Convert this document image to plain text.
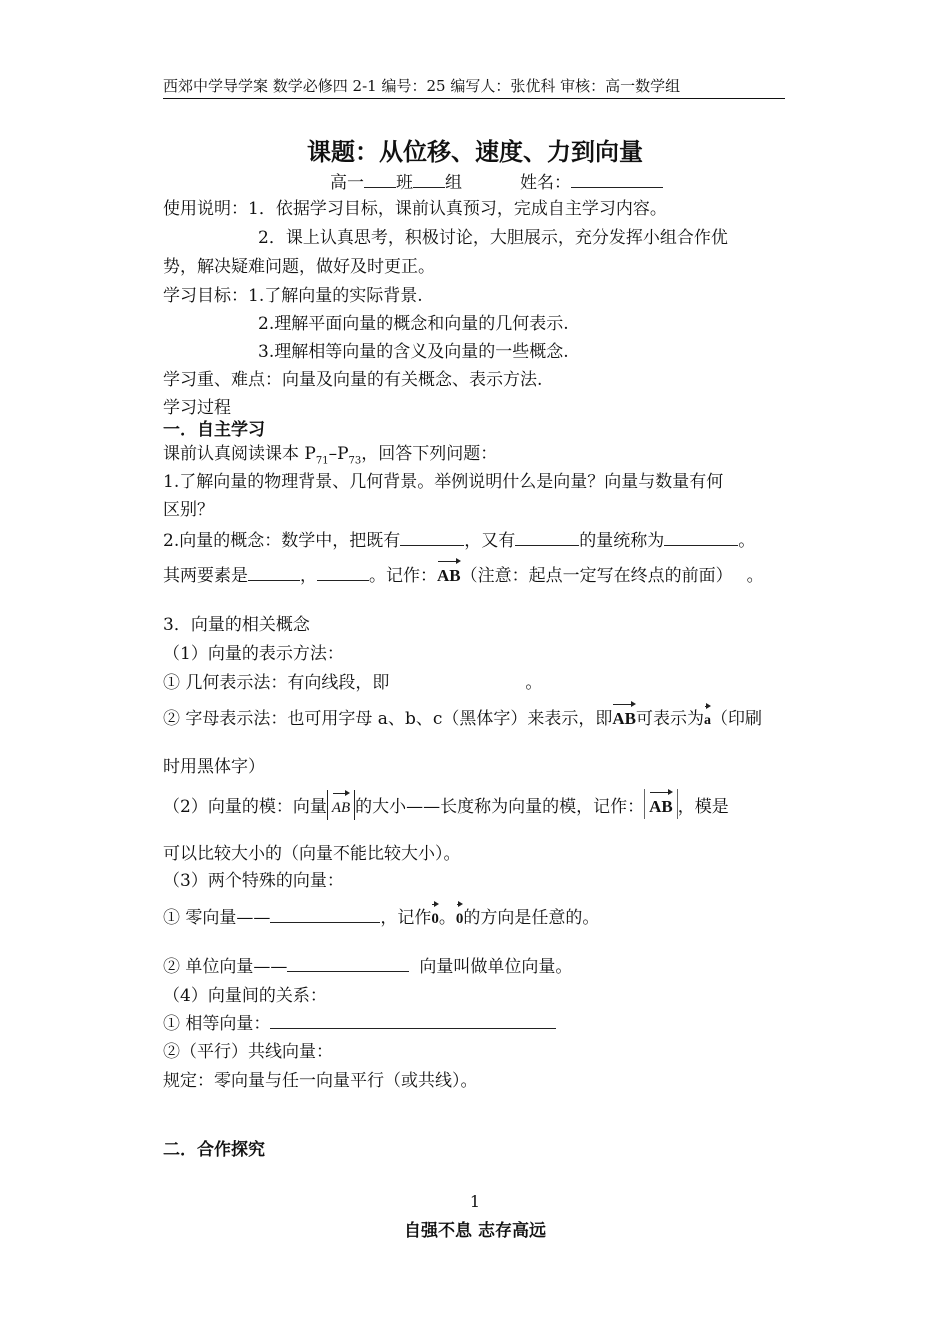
西郊中学导学案 数学必修四 2-1 编号：25 编写人：张优科 审核：高一数学组
课题：从位移、速度、力到向量
高一 班 组	姓名：
使用说明：1．依据学习目标，课前认真预习，完成自主学习内容。
2．课上认真思考，积极讨论，大胆展示，充分发挥小组合作优
势，解决疑难问题，做好及时更正。
学习目标：1.了解向量的实际背景.
2.理解平面向量的概念和向量的几何表示.
3.理解相等向量的含义及向量的一些概念.
学习重、难点：向量及向量的有关概念、表示方法.
学习过程
一．自主学习
课前认真阅读课本 $P_{71}-P_{73}$，回答下列问题：
1.了解向量的物理背景、几何背景。举例说明什么是向量？向量与数量有何
区别？
2.向量的概念：数学中，把既有	，又有	的量统称为	。
其两要素是	，	。记作：AB（注意：起点一定写在终点的前面） 。
3．向量的相关概念
（1）向量的表示方法：
① 几何表示法：有向线段，即	。
② 字母表示法：也可用字母 a、b、c（黑体字）来表示，即AB可表示为a（印刷
时用黑体字）
（2）向量的模：向量 AB 的大小——长度称为向量的模，记作： AB ，模是
可以比较大小的（向量不能比较大小）。
（3）两个特殊的向量：
① 零向量——	，记作0。0的方向是任意的。
② 单位向量——	向量叫做单位向量。
（4）向量间的关系：
① 相等向量：
②（平行）共线向量：
规定：零向量与任一向量平行（或共线）。
二．合作探究
1
自强不息 志存高远
